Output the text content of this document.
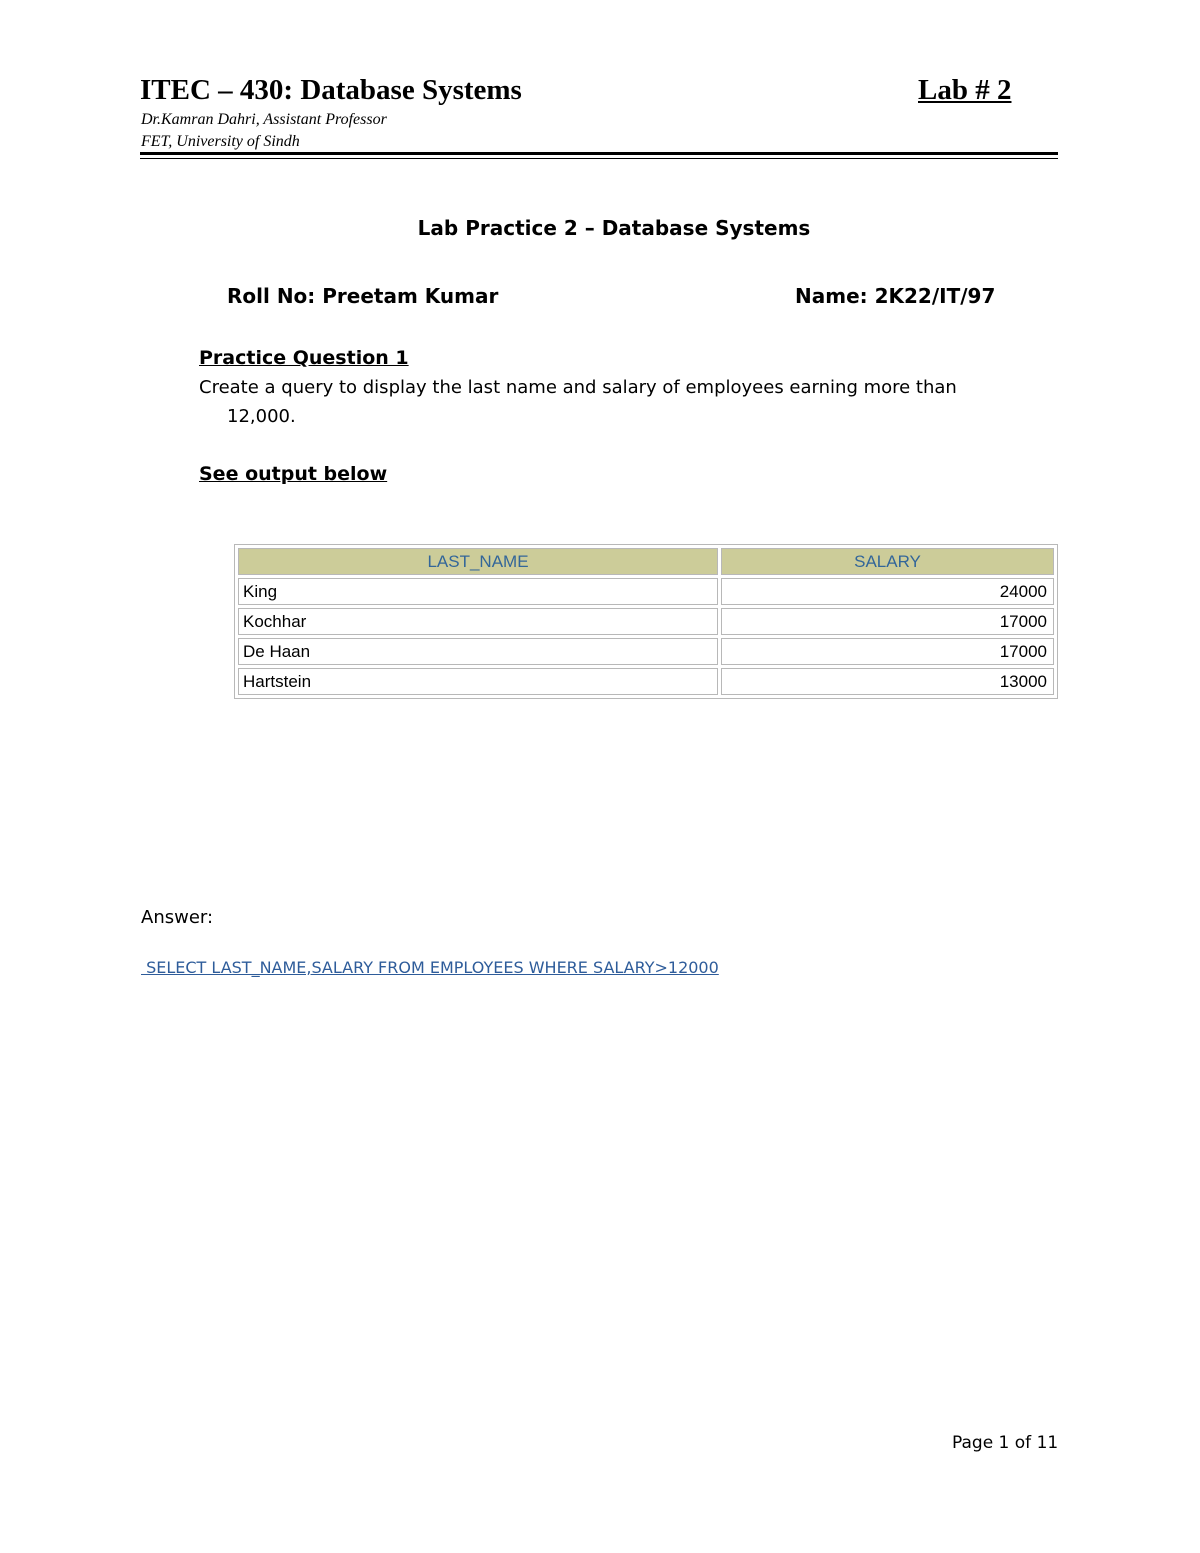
ITEC – 430: Database Systems	Lab # 2
Dr.Kamran Dahri, Assistant Professor
FET, University of Sindh
Lab Practice 2 – Database Systems
Roll No: Preetam Kumar	Name: 2K22/IT/97
Practice Question 1
Create a query to display the last name and salary of employees earning more than
12,000.
See output below
LAST_NAME	SALARY
King	24000
Kochhar	17000
De Haan	17000
Hartstein	13000
Answer:
SELECT LAST_NAME,SALARY FROM EMPLOYEES WHERE SALARY>12000
Page 1 of 11
